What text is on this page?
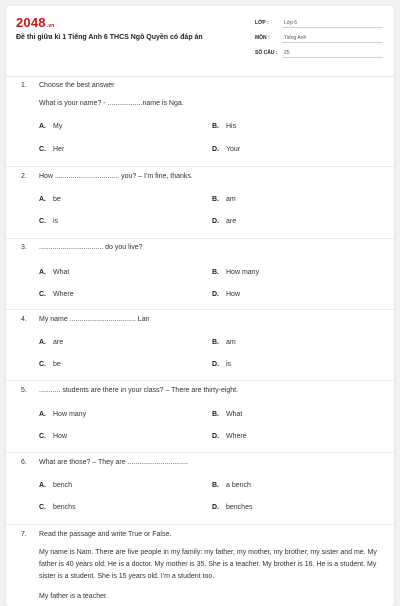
2048.vn
Đề thi giữa kì 1 Tiếng Anh 6 THCS Ngô Quyền có đáp án
LỚP :	Lớp 6
MÔN :	Tiếng Anh
SỐ CÂU : 25
1. Choose the best answer
What is your name? - ..................name is Nga.
A. My	B. His
C. Her	D. Your
2. How ................................. you? – I'm fine, thanks.
A. be	B. am
C. is	D. are
3. ................................. do you live?
A. What	B. How many
C. Where	D. How
4. My name .................................. Lan
A. are	B. am
C. be	D. is
5. ........... students are there in your class? – There are thirty-eight.
A. How many	B. What
C. How	D. Where
6. What are those? – They are ...............................
A. bench	B. a bench
C. benchs	D. benches
7. Read the passage and write True or False.
My name is Nam. There are five people in my family: my father, my mother, my brother, my sister and me. My father is 40 years old. He is a doctor. My mother is 35. She is a teacher. My brother is 16. He is a student. My sister is a student. She is 15 years old. I'm a student too.
My father is a teacher.
